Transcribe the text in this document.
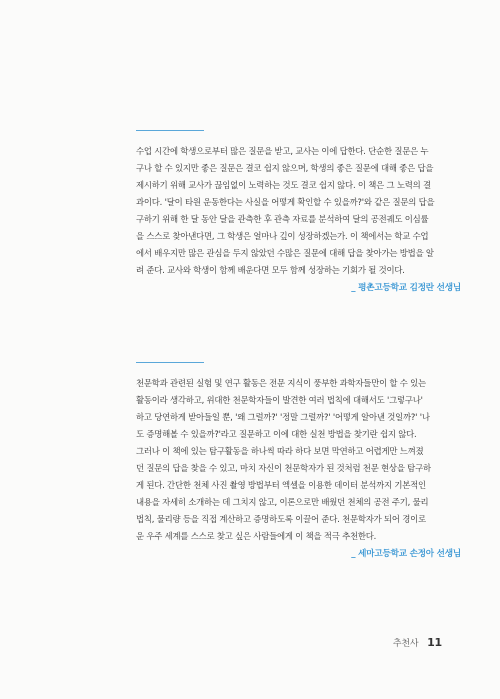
수업 시간에 학생으로부터 많은 질문을 받고, 교사는 이에 답한다. 단순한 질문은 누
구나 할 수 있지만 좋은 질문은 결코 쉽지 않으며, 학생의 좋은 질문에 대해 좋은 답을
제시하기 위해 교사가 끊임없이 노력하는 것도 결코 쉽지 않다. 이 책은 그 노력의 결
과이다. '달이 타원 운동한다는 사실을 어떻게 확인할 수 있을까?'와 같은 질문의 답을
구하기 위해 한 달 동안 달을 관측한 후 관측 자료를 분석하여 달의 공전궤도 이심률
을 스스로 찾아낸다면, 그 학생은 얼마나 깊이 성장하겠는가. 이 책에서는 학교 수업
에서 배우지만 많은 관심을 두지 않았던 수많은 질문에 대해 답을 찾아가는 방법을 알
려 준다. 교사와 학생이 함께 배운다면 모두 함께 성장하는 기회가 될 것이다.

_ 평촌고등학교 김정란 선생님

천문학과 관련된 실험 및 연구 활동은 전문 지식이 풍부한 과학자들만이 할 수 있는
활동이라 생각하고, 위대한 천문학자들이 발견한 여러 법칙에 대해서도 '그렇구나'
하고 당연하게 받아들일 뿐, '왜 그럴까?' '정말 그럴까?' '어떻게 알아낸 것일까?' '나
도 증명해볼 수 있을까?'라고 질문하고 이에 대한 실천 방법을 찾기란 쉽지 않다.
그러나 이 책에 있는 탐구활동을 하나씩 따라 하다 보면 막연하고 어렵게만 느껴졌
던 질문의 답을 찾을 수 있고, 마치 자신이 천문학자가 된 것처럼 천문 현상을 탐구하
게 된다. 간단한 천체 사진 촬영 방법부터 엑셀을 이용한 데이터 분석까지 기본적인
내용을 자세히 소개하는 데 그치지 않고, 이론으로만 배웠던 천체의 공전 주기, 물리
법칙, 물리량 등을 직접 계산하고 증명하도록 이끌어 준다. 천문학자가 되어 경이로
운 우주 세계를 스스로 찾고 싶은 사람들에게 이 책을 적극 추천한다.

_ 세마고등학교 손정아 선생님
추천사 11
